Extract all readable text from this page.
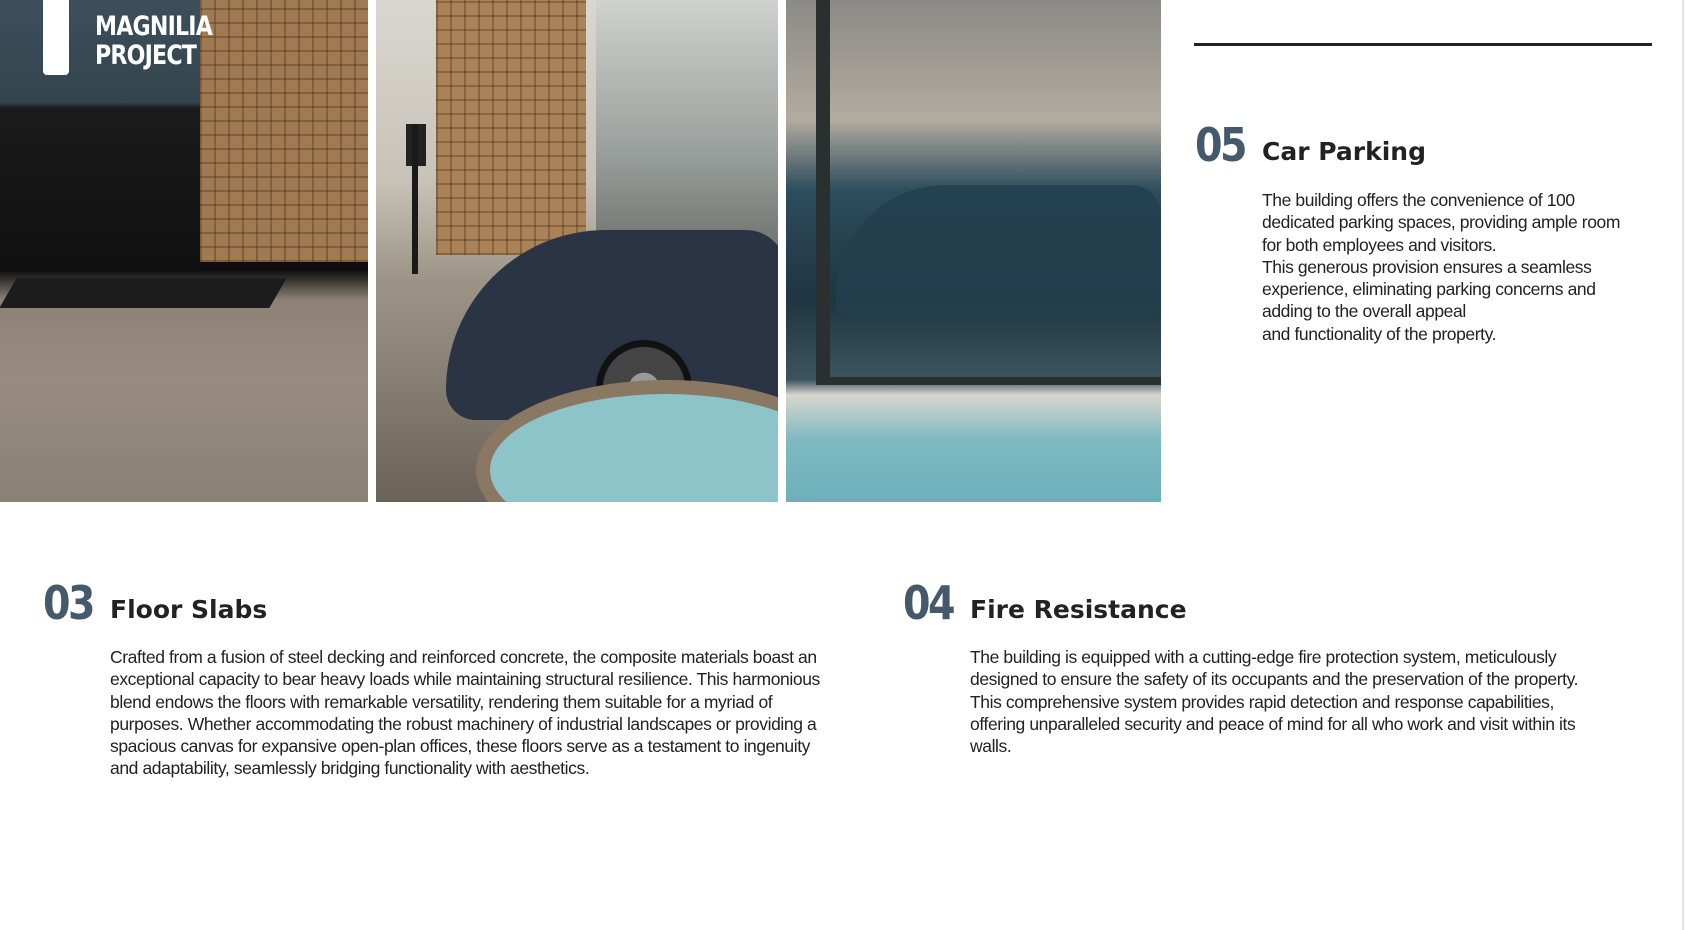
MAGNILIA
PROJECT
05 Car Parking

The building offers the convenience of 100

dedicated parking spaces, providing ample room

for both employees and visitors.

This generous provision ensures a seamless

experience, eliminating parking concerns and

adding to the overall appeal

and functionality of the property.

03 Floor Slabs

Crafted from a fusion of steel decking and reinforced concrete, the composite materials boast an

exceptional capacity to bear heavy loads while maintaining structural resilience. This harmonious

blend endows the floors with remarkable versatility, rendering them suitable for a myriad of

purposes. Whether accommodating the robust machinery of industrial landscapes or providing a

spacious canvas for expansive open-plan offices, these floors serve as a testament to ingenuity

and adaptability, seamlessly bridging functionality with aesthetics.

04 Fire Resistance

The building is equipped with a cutting-edge fire protection system, meticulously

designed to ensure the safety of its occupants and the preservation of the property.

This comprehensive system provides rapid detection and response capabilities,

offering unparalleled security and peace of mind for all who work and visit within its

walls.
